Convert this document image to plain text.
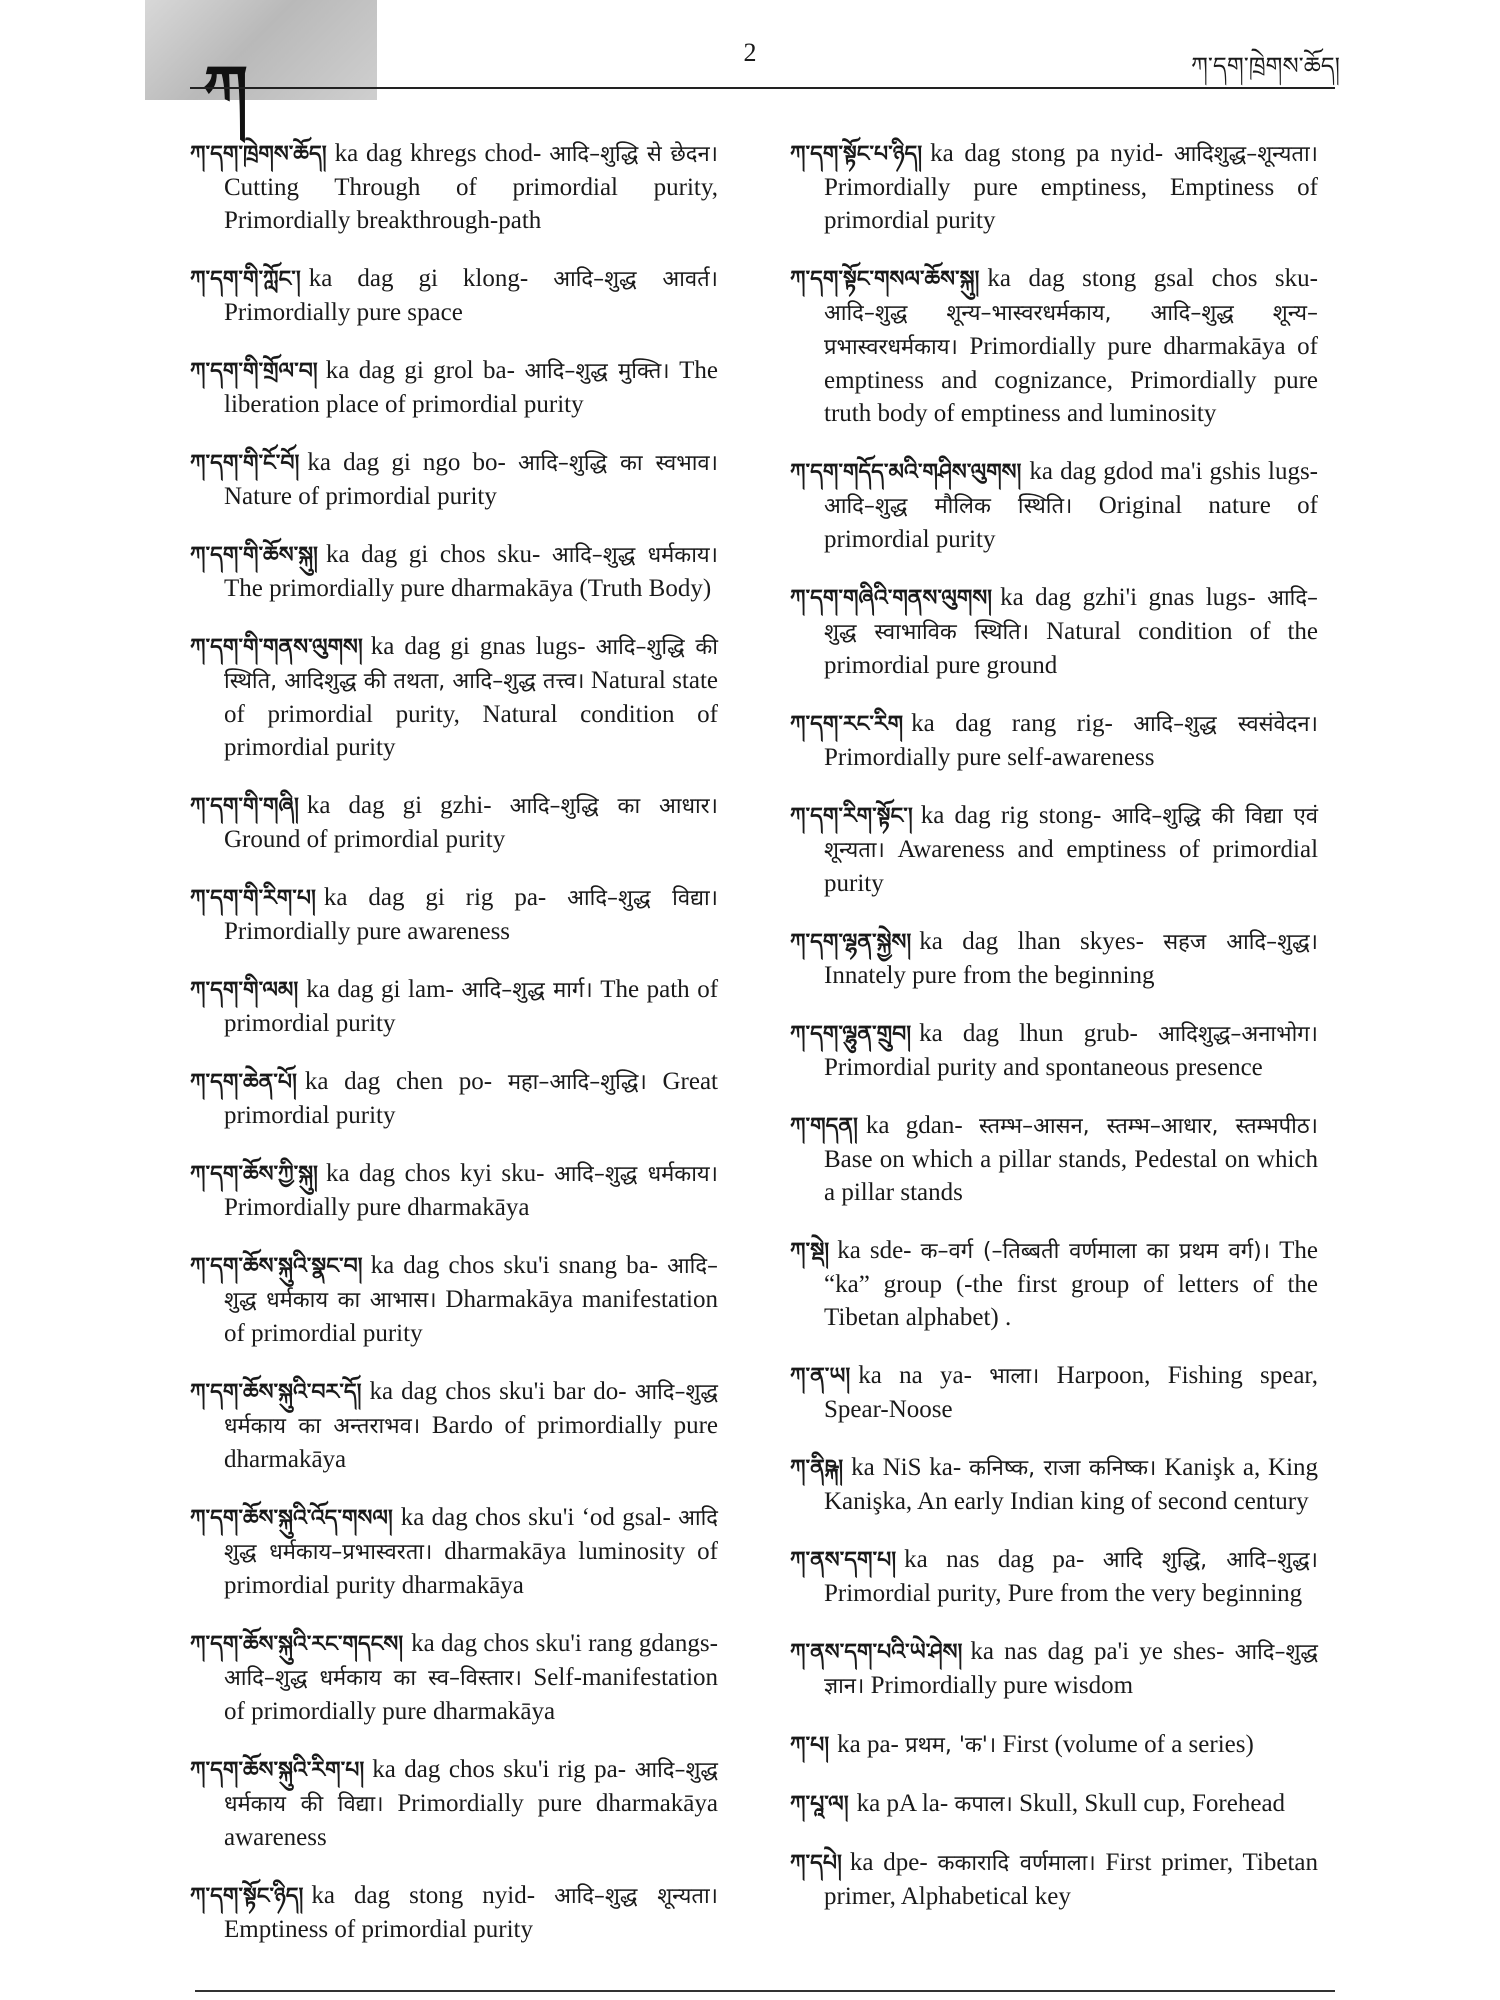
ཀ
2	ཀ་དག་ཁྲེགས་ཆོད།

ཀ་དག་ཁྲེགས་ཆོད། ka dag khregs chod- आदि–शुद्धि से छेदन। Cutting Through of primordial purity, Primordially breakthrough-path

ཀ་དག་གི་ཀློང་། ka dag gi klong- आदि–शुद्ध आवर्त। Primordially pure space

ཀ་དག་གི་གྲོལ་བ། ka dag gi grol ba- आदि–शुद्ध मुक्ति। The liberation place of primordial purity

ཀ་དག་གི་ངོ་བོ། ka dag gi ngo bo- आदि–शुद्धि का स्वभाव। Nature of primordial purity

ཀ་དག་གི་ཆོས་སྐུ། ka dag gi chos sku- आदि–शुद्ध धर्मकाय। The primordially pure dharmakāya (Truth Body)

ཀ་དག་གི་གནས་ལུགས། ka dag gi gnas lugs- आदि–शुद्धि की स्थिति, आदिशुद्ध की तथता, आदि–शुद्ध तत्त्व। Natural state of primordial purity, Natural condition of primordial purity

ཀ་དག་གི་གཞི། ka dag gi gzhi- आदि–शुद्धि का आधार। Ground of primordial purity

ཀ་དག་གི་རིག་པ། ka dag gi rig pa- आदि–शुद्ध विद्या। Primordially pure awareness

ཀ་དག་གི་ལམ། ka dag gi lam- आदि–शुद्ध मार्ग। The path of primordial purity

ཀ་དག་ཆེན་པོ། ka dag chen po- महा–आदि–शुद्धि। Great primordial purity

ཀ་དག་ཆོས་ཀྱི་སྐུ། ka dag chos kyi sku- आदि–शुद्ध धर्मकाय। Primordially pure dharmakāya

ཀ་དག་ཆོས་སྐུའི་སྣང་བ། ka dag chos sku'i snang ba- आदि–शुद्ध धर्मकाय का आभास। Dharmakāya manifestation of primordial purity

ཀ་དག་ཆོས་སྐུའི་བར་དོ། ka dag chos sku'i bar do- आदि–शुद्ध धर्मकाय का अन्तराभव। Bardo of primordially pure dharmakāya

ཀ་དག་ཆོས་སྐུའི་འོད་གསལ། ka dag chos sku'i ‘od gsal- आदि शुद्ध धर्मकाय–प्रभास्वरता। dharmakāya luminosity of primordial purity dharmakāya

ཀ་དག་ཆོས་སྐུའི་རང་གདངས། ka dag chos sku'i rang gdangs- आदि–शुद्ध धर्मकाय का स्व–विस्तार। Self-manifestation of primordially pure dharmakāya

ཀ་དག་ཆོས་སྐུའི་རིག་པ། ka dag chos sku'i rig pa- आदि–शुद्ध धर्मकाय की विद्या। Primordially pure dharmakāya awareness

ཀ་དག་སྟོང་ཉིད། ka dag stong nyid- आदि–शुद्ध शून्यता। Emptiness of primordial purity

ཀ་དག་སྟོང་པ་ཉིད། ka dag stong pa nyid- आदिशुद्ध–शून्यता। Primordially pure emptiness, Emptiness of primordial purity

ཀ་དག་སྟོང་གསལ་ཆོས་སྐུ། ka dag stong gsal chos sku- आदि–शुद्ध शून्य–भास्वरधर्मकाय, आदि–शुद्ध शून्य–प्रभास्वरधर्मकाय। Primordially pure dharmakāya of emptiness and cognizance, Primordially pure truth body of emptiness and luminosity

ཀ་དག་གདོད་མའི་གཤིས་ལུགས། ka dag gdod ma'i gshis lugs- आदि–शुद्ध मौलिक स्थिति। Original nature of primordial purity

ཀ་དག་གཞིའི་གནས་ལུགས། ka dag gzhi'i gnas lugs- आदि–शुद्ध स्वाभाविक स्थिति। Natural condition of the primordial pure ground

ཀ་དག་རང་རིག ka dag rang rig- आदि–शुद्ध स्वसंवेदन। Primordially pure self-awareness

ཀ་དག་རིག་སྟོང་། ka dag rig stong- आदि–शुद्धि की विद्या एवं शून्यता। Awareness and emptiness of primordial purity

ཀ་དག་ལྷན་སྐྱེས། ka dag lhan skyes- सहज आदि–शुद्ध। Innately pure from the beginning

ཀ་དག་ལྷུན་གྲུབ། ka dag lhun grub- आदिशुद्ध–अनाभोग। Primordial purity and spontaneous presence

ཀ་གདན། ka gdan- स्तम्भ–आसन, स्तम्भ–आधार, स्तम्भपीठ। Base on which a pillar stands, Pedestal on which a pillar stands

ཀ་སྡེ། ka sde- क–वर्ग (–तिब्बती वर्णमाला का प्रथम वर्ग)। The “ka” group (-the first group of letters of the Tibetan alphabet) .

ཀ་ན་ཡ། ka na ya- भाला। Harpoon, Fishing spear, Spear-Noose

ཀ་ནིཥྐ། ka NiS ka- कनिष्क, राजा कनिष्क। Kanişk a, King Kanişka, An early Indian king of second century

ཀ་ནས་དག་པ། ka nas dag pa- आदि शुद्धि, आदि–शुद्ध। Primordial purity, Pure from the very beginning

ཀ་ནས་དག་པའི་ཡེ་ཤེས། ka nas dag pa'i ye shes- आदि–शुद्ध ज्ञान। Primordially pure wisdom

ཀ་པ། ka pa- प्रथम, 'क'। First (volume of a series)

ཀ་པཱ་ལ། ka pA la- कपाल। Skull, Skull cup, Forehead

ཀ་དཔེ། ka dpe- ककारादि वर्णमाला। First primer, Tibetan primer, Alphabetical key
